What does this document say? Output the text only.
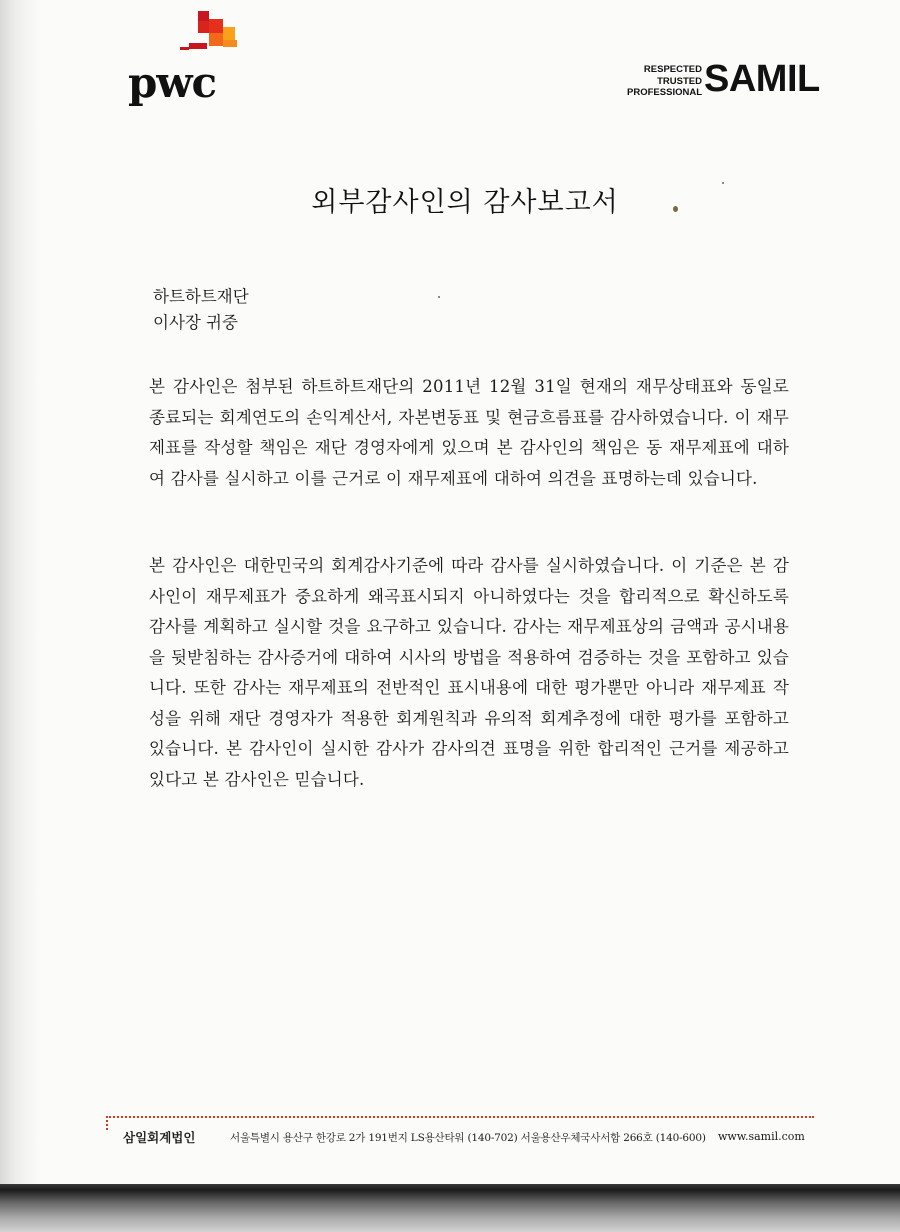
pwc	RESPECTED
TRUSTED
PROFESSIONAL SAMIL
외부감사인의 감사보고서
하트하트재단
이사장 귀중
본 감사인은 첨부된 하트하트재단의 2011년 12월 31일 현재의 재무상태표와 동일로 종료되는 회계연도의 손익계산서, 자본변동표 및 현금흐름표를 감사하였습니다. 이 재무제표를 작성할 책임은 재단 경영자에게 있으며 본 감사인의 책임은 동 재무제표에 대하여 감사를 실시하고 이를 근거로 이 재무제표에 대하여 의견을 표명하는데 있습니다.
본 감사인은 대한민국의 회계감사기준에 따라 감사를 실시하였습니다. 이 기준은 본 감사인이 재무제표가 중요하게 왜곡표시되지 아니하였다는 것을 합리적으로 확신하도록 감사를 계획하고 실시할 것을 요구하고 있습니다. 감사는 재무제표상의 금액과 공시내용을 뒷받침하는 감사증거에 대하여 시사의 방법을 적용하여 검증하는 것을 포함하고 있습니다. 또한 감사는 재무제표의 전반적인 표시내용에 대한 평가뿐만 아니라 재무제표 작성을 위해 재단 경영자가 적용한 회계원칙과 유의적 회계추정에 대한 평가를 포함하고 있습니다. 본 감사인이 실시한 감사가 감사의견 표명을 위한 합리적인 근거를 제공하고 있다고 본 감사인은 믿습니다.
삼일회계법인	서울특별시 용산구 한강로 2가 191번지 LS용산타워 (140-702) 서울용산우체국사서함 266호 (140-600) www.samil.com
